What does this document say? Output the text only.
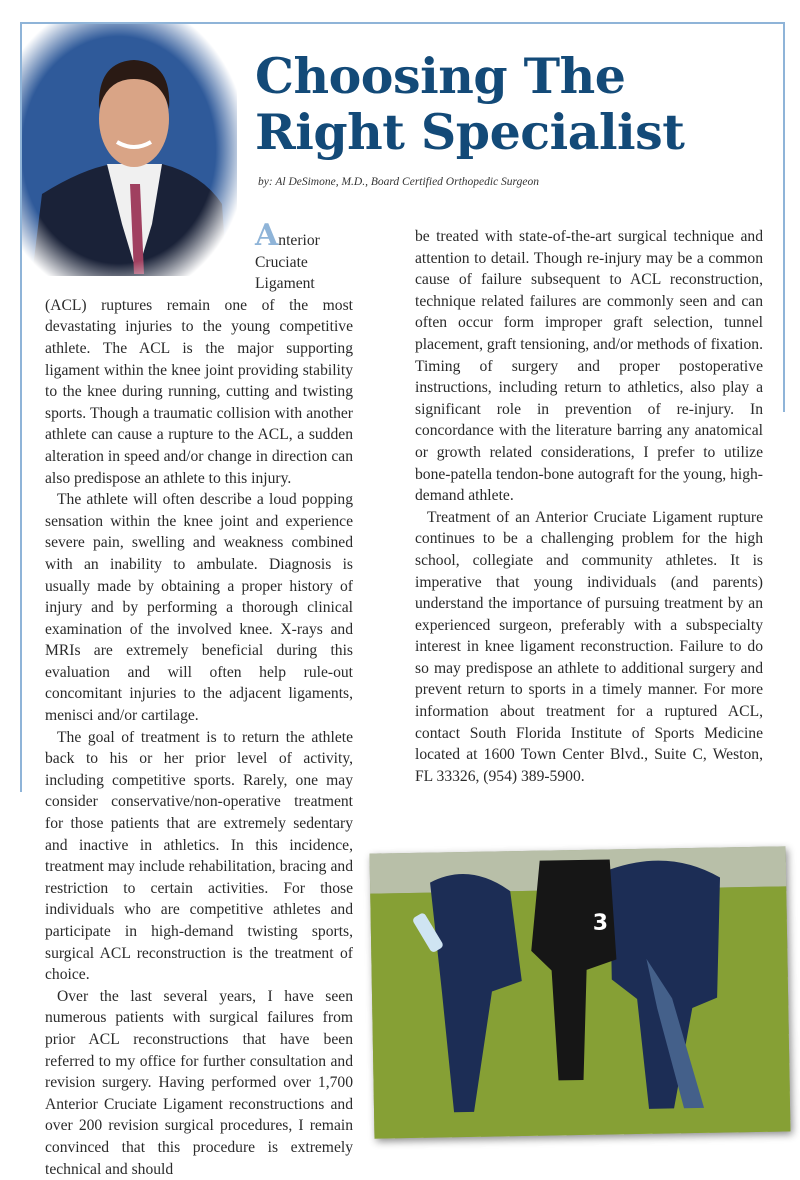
Choosing The
Right Specialist
by: Al DeSimone, M.D., Board Certified Orthopedic Surgeon

Anterior Cruciate Ligament (ACL) ruptures remain one of the most devastating injuries to the young competitive athlete. The ACL is the major supporting ligament within the knee joint providing stability to the knee during running, cutting and twisting sports. Though a traumatic collision with another athlete can cause a rupture to the ACL, a sudden alteration in speed and/or change in direction can also predispose an athlete to this injury.

The athlete will often describe a loud popping sensation within the knee joint and experience severe pain, swelling and weakness combined with an inability to ambulate. Diagnosis is usually made by obtaining a proper history of injury and by performing a thorough clinical examination of the involved knee. X-rays and MRIs are extremely beneficial during this evaluation and will often help rule-out concomitant injuries to the adjacent ligaments, menisci and/or cartilage.

The goal of treatment is to return the athlete back to his or her prior level of activity, including competitive sports. Rarely, one may consider conservative/non-operative treatment for those patients that are extremely sedentary and inactive in athletics. In this incidence, treatment may include rehabilitation, bracing and restriction to certain activities. For those individuals who are competitive athletes and participate in high-demand twisting sports, surgical ACL reconstruction is the treatment of choice.

Over the last several years, I have seen numerous patients with surgical failures from prior ACL reconstructions that have been referred to my office for further consultation and revision surgery. Having performed over 1,700 Anterior Cruciate Ligament reconstructions and over 200 revision surgical procedures, I remain convinced that this procedure is extremely technical and should

be treated with state-of-the-art surgical technique and attention to detail. Though re-injury may be a common cause of failure subsequent to ACL reconstruction, technique related failures are commonly seen and can often occur form improper graft selection, tunnel placement, graft tensioning, and/or methods of fixation. Timing of surgery and proper postoperative instructions, including return to athletics, also play a significant role in prevention of re-injury. In concordance with the literature barring any anatomical or growth related considerations, I prefer to utilize bone-patella tendon-bone autograft for the young, high-demand athlete.

Treatment of an Anterior Cruciate Ligament rupture continues to be a challenging problem for the high school, collegiate and community athletes. It is imperative that young individuals (and parents) understand the importance of pursuing treatment by an experienced surgeon, preferably with a subspecialty interest in knee ligament reconstruction. Failure to do so may predispose an athlete to additional surgery and prevent return to sports in a timely manner. For more information about treatment for a ruptured ACL, contact South Florida Institute of Sports Medicine located at 1600 Town Center Blvd., Suite C, Weston, FL 33326, (954) 389-5900.

3
